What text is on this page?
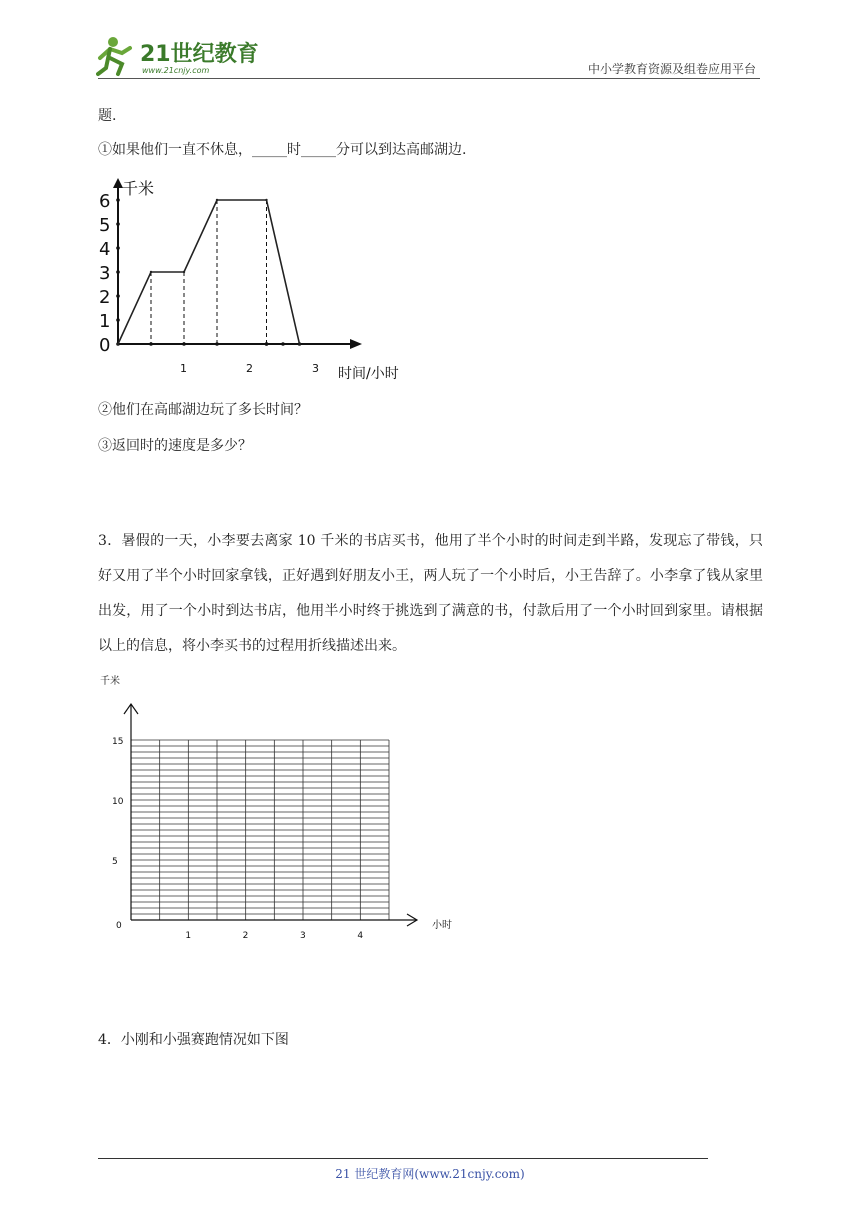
21世纪教育
www.21cnjy.com	中小学教育资源及组卷应用平台
题.
①如果他们一直不休息，_____时_____分可以到达高邮湖边.
千米
时间/小时
0
1
2
3
4
5
6
1	2	3
②他们在高邮湖边玩了多长时间？
③返回时的速度是多少？
3．暑假的一天，小李要去离家 10 千米的书店买书，他用了半个小时的时间走到半路，发现忘了带钱，只好又用了半个小时回家拿钱，正好遇到好朋友小王，两人玩了一个小时后，小王告辞了。小李拿了钱从家里出发，用了一个小时到达书店，他用半小时终于挑选到了满意的书，付款后用了一个小时回到家里。请根据以上的信息，将小李买书的过程用折线描述出来。
千米
小时
0
5
10
15
1	2	3	4
4．小刚和小强赛跑情况如下图
21 世纪教育网(www.21cnjy.com)
